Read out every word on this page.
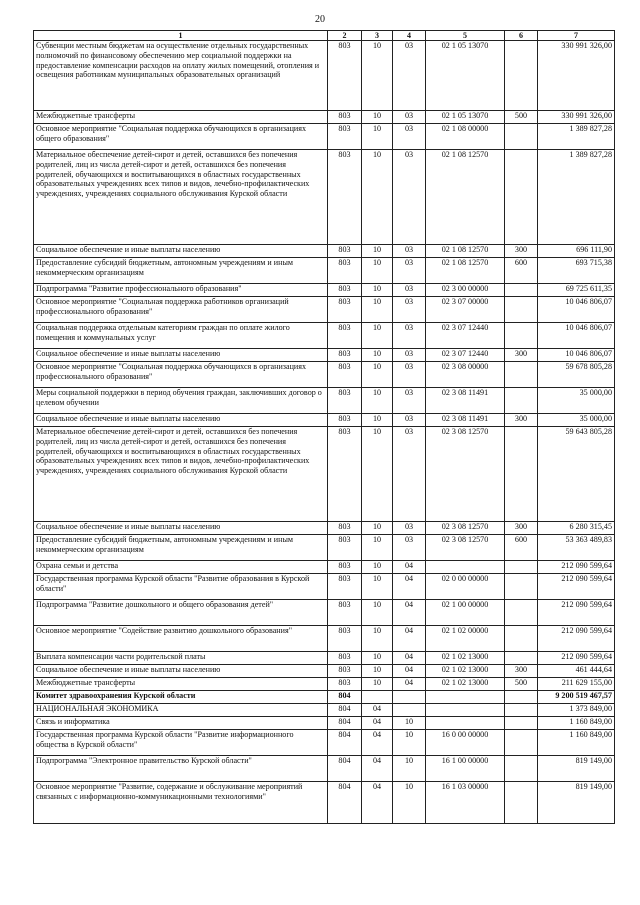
20
1	2	3	4	5	6	7
Субвенции местным бюджетам на осуществление отдельных государственных полномочий по финансовому обеспечению мер социальной поддержки на предоставление компенсации расходов на оплату жилых помещений, отопления и освещения работникам муниципальных образовательных организаций	803	10	03	02 1 05 13070		330 991 326,00
Межбюджетные трансферты	803	10	03	02 1 05 13070	500	330 991 326,00
Основное мероприятие "Социальная поддержка обучающихся в организациях общего образования"	803	10	03	02 1 08 00000		1 389 827,28
Материальное обеспечение детей-сирот и детей, оставшихся без попечения родителей, лиц из числа детей-сирот и детей, оставшихся без попечения родителей, обучающихся и воспитывающихся в областных государственных образовательных учреждениях всех типов и видов, лечебно-профилактических учреждениях, учреждениях социального обслуживания Курской области	803	10	03	02 1 08 12570		1 389 827,28
Социальное обеспечение и иные выплаты населению	803	10	03	02 1 08 12570	300	696 111,90
Предоставление субсидий бюджетным, автономным учреждениям и иным некоммерческим организациям	803	10	03	02 1 08 12570	600	693 715,38
Подпрограмма "Развитие профессионального образования"	803	10	03	02 3 00 00000		69 725 611,35
Основное мероприятие "Социальная поддержка работников организаций профессионального образования"	803	10	03	02 3 07 00000		10 046 806,07
Социальная поддержка отдельным категориям граждан по оплате жилого помещения и коммунальных услуг	803	10	03	02 3 07 12440		10 046 806,07
Социальное обеспечение и иные выплаты населению	803	10	03	02 3 07 12440	300	10 046 806,07
Основное мероприятие "Социальная поддержка обучающихся в организациях профессионального образования"	803	10	03	02 3 08 00000		59 678 805,28
Меры социальной поддержки в период обучения граждан, заключивших договор о целевом обучении	803	10	03	02 3 08 11491		35 000,00
Социальное обеспечение и иные выплаты населению	803	10	03	02 3 08 11491	300	35 000,00
Материальное обеспечение детей-сирот и детей, оставшихся без попечения родителей, лиц из числа детей-сирот и детей, оставшихся без попечения родителей, обучающихся и воспитывающихся в областных государственных образовательных учреждениях всех типов и видов, лечебно-профилактических учреждениях, учреждениях социального обслуживания Курской области	803	10	03	02 3 08 12570		59 643 805,28
Социальное обеспечение и иные выплаты населению	803	10	03	02 3 08 12570	300	6 280 315,45
Предоставление субсидий бюджетным, автономным учреждениям и иным некоммерческим организациям	803	10	03	02 3 08 12570	600	53 363 489,83
Охрана семьи и детства	803	10	04			212 090 599,64
Государственная программа Курской области "Развитие образования в Курской области"	803	10	04	02 0 00 00000		212 090 599,64
Подпрограмма "Развитие дошкольного и общего образования детей"	803	10	04	02 1 00 00000		212 090 599,64
Основное мероприятие "Содействие развитию дошкольного образования"	803	10	04	02 1 02 00000		212 090 599,64
Выплата компенсации части родительской платы	803	10	04	02 1 02 13000		212 090 599,64
Социальное обеспечение и иные выплаты населению	803	10	04	02 1 02 13000	300	461 444,64
Межбюджетные трансферты	803	10	04	02 1 02 13000	500	211 629 155,00
Комитет здравоохранения Курской области	804					9 200 519 467,57
НАЦИОНАЛЬНАЯ ЭКОНОМИКА	804	04				1 373 849,00
Связь и информатика	804	04	10			1 160 849,00
Государственная программа Курской области "Развитие информационного общества в Курской области"	804	04	10	16 0 00 00000		1 160 849,00
Подпрограмма "Электронное правительство Курской области"	804	04	10	16 1 00 00000		819 149,00
Основное мероприятие "Развитие, содержание и обслуживание мероприятий связанных с информационно-коммуникационными технологиями"	804	04	10	16 1 03 00000		819 149,00
